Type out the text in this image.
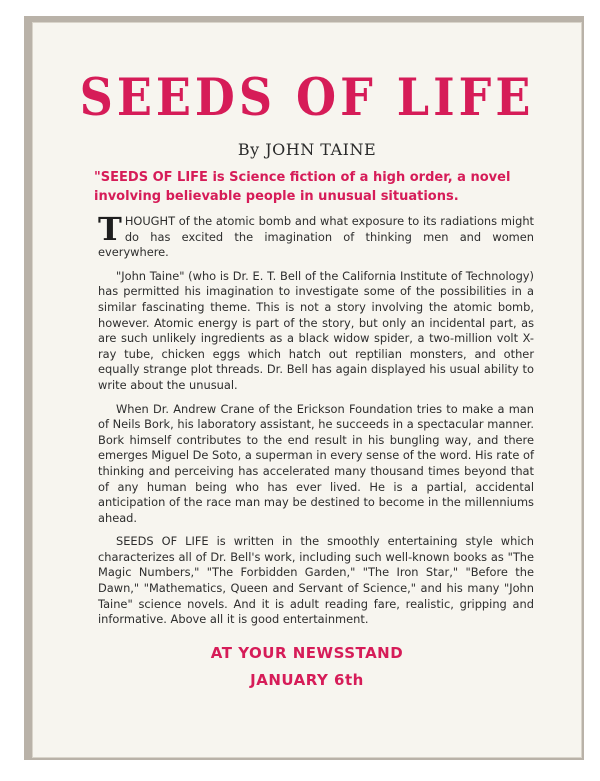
SEEDS OF LIFE
By JOHN TAINE
"SEEDS OF LIFE is Science fiction of a high order, a novel involving believable people in unusual situations.

THOUGHT of the atomic bomb and what exposure to its radiations might do has excited the imagination of thinking men and women everywhere.

"John Taine" (who is Dr. E. T. Bell of the California Institute of Technology) has permitted his imagination to investigate some of the possibilities in a similar fascinating theme. This is not a story involving the atomic bomb, however. Atomic energy is part of the story, but only an incidental part, as are such unlikely ingredients as a black widow spider, a two-million volt X-ray tube, chicken eggs which hatch out reptilian monsters, and other equally strange plot threads. Dr. Bell has again displayed his usual ability to write about the unusual.

When Dr. Andrew Crane of the Erickson Foundation tries to make a man of Neils Bork, his laboratory assistant, he succeeds in a spectacular manner. Bork himself contributes to the end result in his bungling way, and there emerges Miguel De Soto, a superman in every sense of the word. His rate of thinking and perceiving has accelerated many thousand times beyond that of any human being who has ever lived. He is a partial, accidental anticipation of the race man may be destined to become in the millenniums ahead.

SEEDS OF LIFE is written in the smoothly entertaining style which characterizes all of Dr. Bell's work, including such well-known books as "The Magic Numbers," "The Forbidden Garden," "The Iron Star," "Before the Dawn," "Mathematics, Queen and Servant of Science," and his many "John Taine" science novels. And it is adult reading fare, realistic, gripping and informative. Above all it is good entertainment.

AT YOUR NEWSSTAND
JANUARY 6th
